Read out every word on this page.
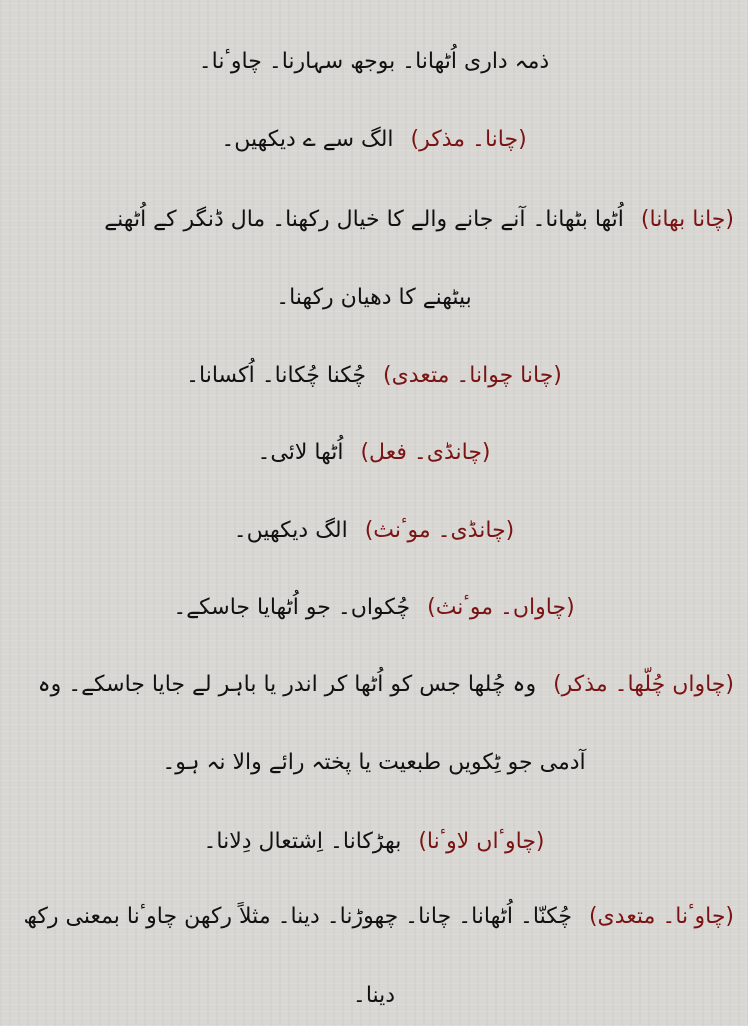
ذمہ داری اُٹھانا۔ بوجھ سہارنا۔ چاوٴنا۔
(چانا۔ مذکر) الگ سے ے دیکھیں۔
(چانا بھانا) اُٹھا بٹھانا۔ آنے جانے والے کا خیال رکھنا۔ مال ڈنگر کے اُٹھنے
بیٹھنے کا دھیان رکھنا۔
(چانا چوانا۔ متعدی) چُکنا چُکانا۔ اُکسانا۔
(چانڈی۔ فعل) اُٹھا لائی۔
(چانڈی۔ موٴنث) الگ دیکھیں۔
(چاواں۔ موٴنث) چُکواں۔ جو اُٹھایا جاسکے۔
(چاواں چُلّھا۔ مذکر) وہ چُلھا جس کو اُٹھا کر اندر یا باہر لے جایا جاسکے۔ وہ
آدمی جو ٹِکویں طبعیت یا پختہ رائے والا نہ ہو۔
(چاوٴاں لاوٴنا) بھڑکانا۔ اِشتعال دِلانا۔
(چاوٴنا۔ متعدی) چُکنّا۔ اُٹھانا۔ چانا۔ چھوڑنا۔ دینا۔ مثلاً رکھن چاوٴنا بمعنی رکھ
دینا۔
